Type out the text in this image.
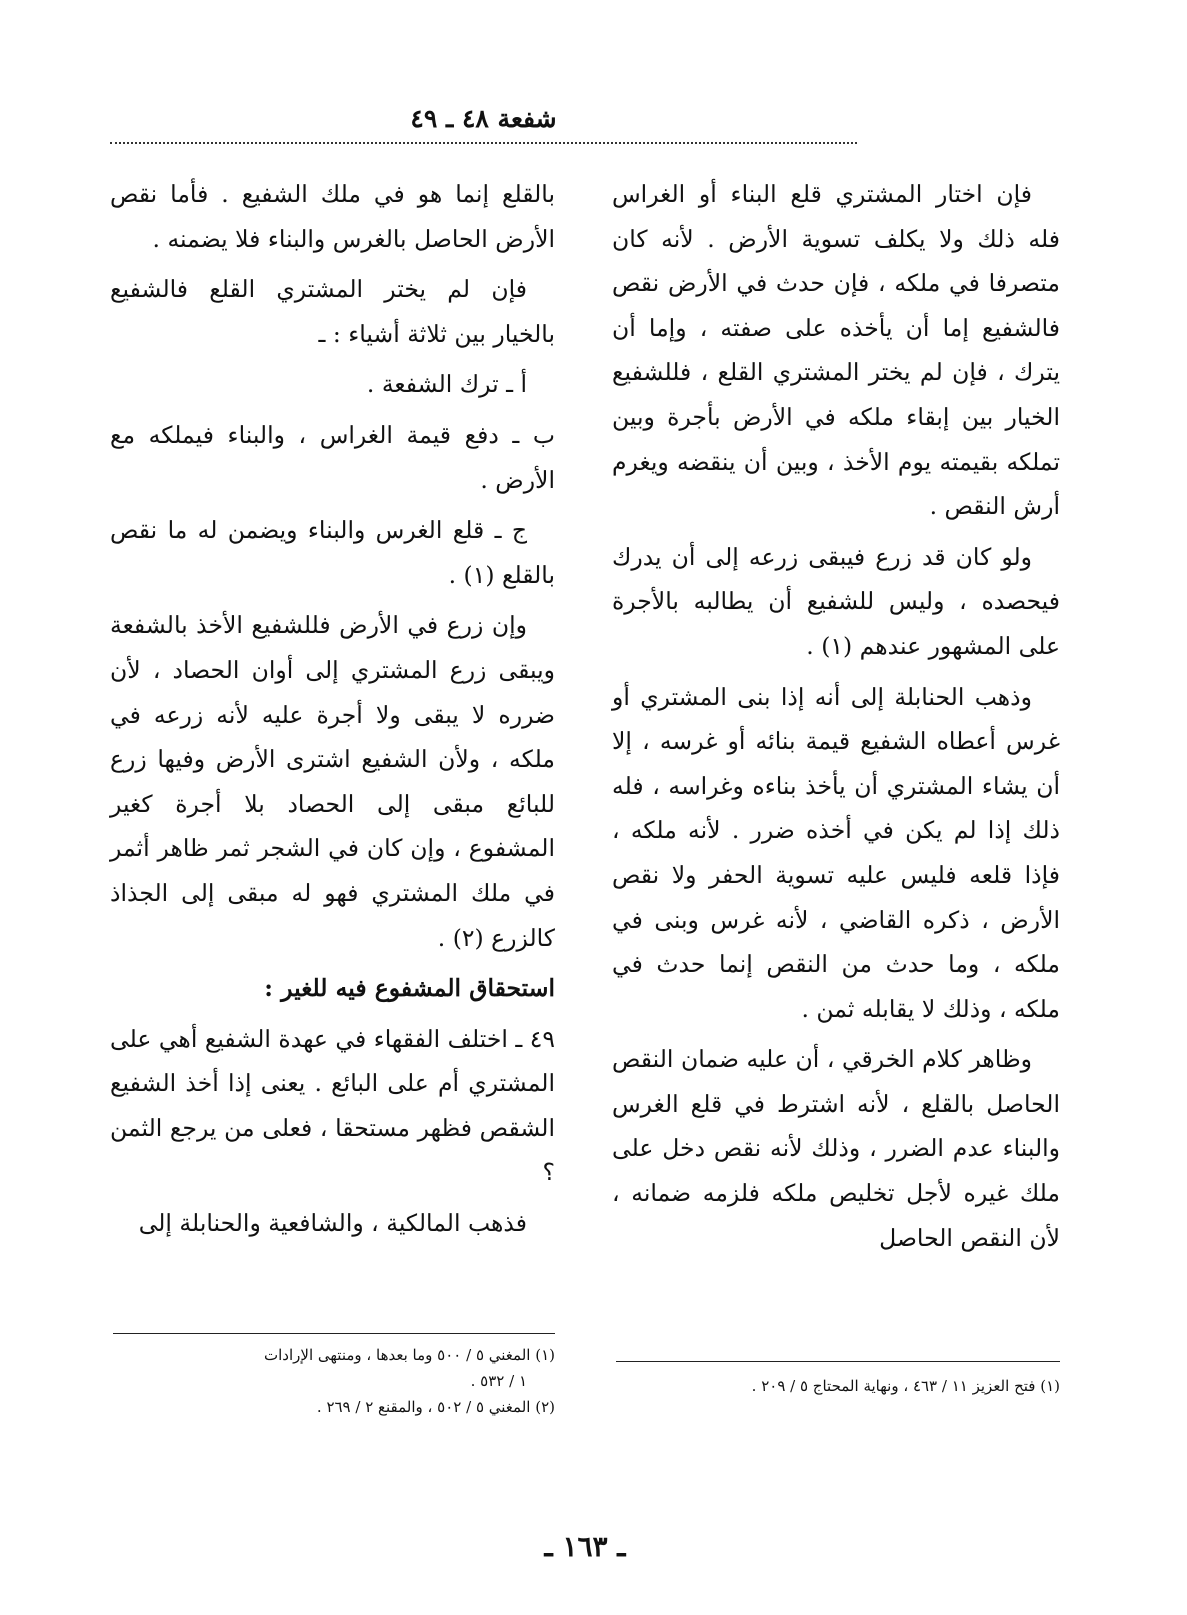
شفعة ٤٨ ـ ٤٩

فإن اختار المشتري قلع البناء أو الغراس فله ذلك ولا يكلف تسوية الأرض . لأنه كان متصرفا في ملكه ، فإن حدث في الأرض نقص فالشفيع إما أن يأخذه على صفته ، وإما أن يترك ، فإن لم يختر المشتري القلع ، فللشفيع الخيار بين إبقاء ملكه في الأرض بأجرة وبين تملكه بقيمته يوم الأخذ ، وبين أن ينقضه ويغرم أرش النقص .

ولو كان قد زرع فيبقى زرعه إلى أن يدرك فيحصده ، وليس للشفيع أن يطالبه بالأجرة على المشهور عندهم (١) .

وذهب الحنابلة إلى أنه إذا بنى المشتري أو غرس أعطاه الشفيع قيمة بنائه أو غرسه ، إلا أن يشاء المشتري أن يأخذ بناءه وغراسه ، فله ذلك إذا لم يكن في أخذه ضرر . لأنه ملكه ، فإذا قلعه فليس عليه تسوية الحفر ولا نقص الأرض ، ذكره القاضي ، لأنه غرس وبنى في ملكه ، وما حدث من النقص إنما حدث في ملكه ، وذلك لا يقابله ثمن .

وظاهر كلام الخرقي ، أن عليه ضمان النقص الحاصل بالقلع ، لأنه اشترط في قلع الغرس والبناء عدم الضرر ، وذلك لأنه نقص دخل على ملك غيره لأجل تخليص ملكه فلزمه ضمانه ، لأن النقص الحاصل

(١) فتح العزيز ١١ / ٤٦٣ ، ونهاية المحتاج ٥ / ٢٠٩ .

بالقلع إنما هو في ملك الشفيع . فأما نقص الأرض الحاصل بالغرس والبناء فلا يضمنه .

فإن لم يختر المشتري القلع فالشفيع بالخيار بين ثلاثة أشياء : ـ

أ ـ ترك الشفعة .

ب ـ دفع قيمة الغراس ، والبناء فيملكه مع الأرض .

ج ـ قلع الغرس والبناء ويضمن له ما نقص بالقلع (١) .

وإن زرع في الأرض فللشفيع الأخذ بالشفعة ويبقى زرع المشتري إلى أوان الحصاد ، لأن ضرره لا يبقى ولا أجرة عليه لأنه زرعه في ملكه ، ولأن الشفيع اشترى الأرض وفيها زرع للبائع مبقى إلى الحصاد بلا أجرة كغير المشفوع ، وإن كان في الشجر ثمر ظاهر أثمر في ملك المشتري فهو له مبقى إلى الجذاذ كالزرع (٢) .

استحقاق المشفوع فيه للغير :

٤٩ ـ اختلف الفقهاء في عهدة الشفيع أهي على المشتري أم على البائع . يعنى إذا أخذ الشفيع الشقص فظهر مستحقا ، فعلى من يرجع الثمن ؟

فذهب المالكية ، والشافعية والحنابلة إلى

(١) المغني ٥ / ٥٠٠ وما بعدها ، ومنتهى الإرادات
١ / ٥٣٢ .
(٢) المغني ٥ / ٥٠٢ ، والمقنع ٢ / ٢٦٩ .
ـ ١٦٣ ـ
